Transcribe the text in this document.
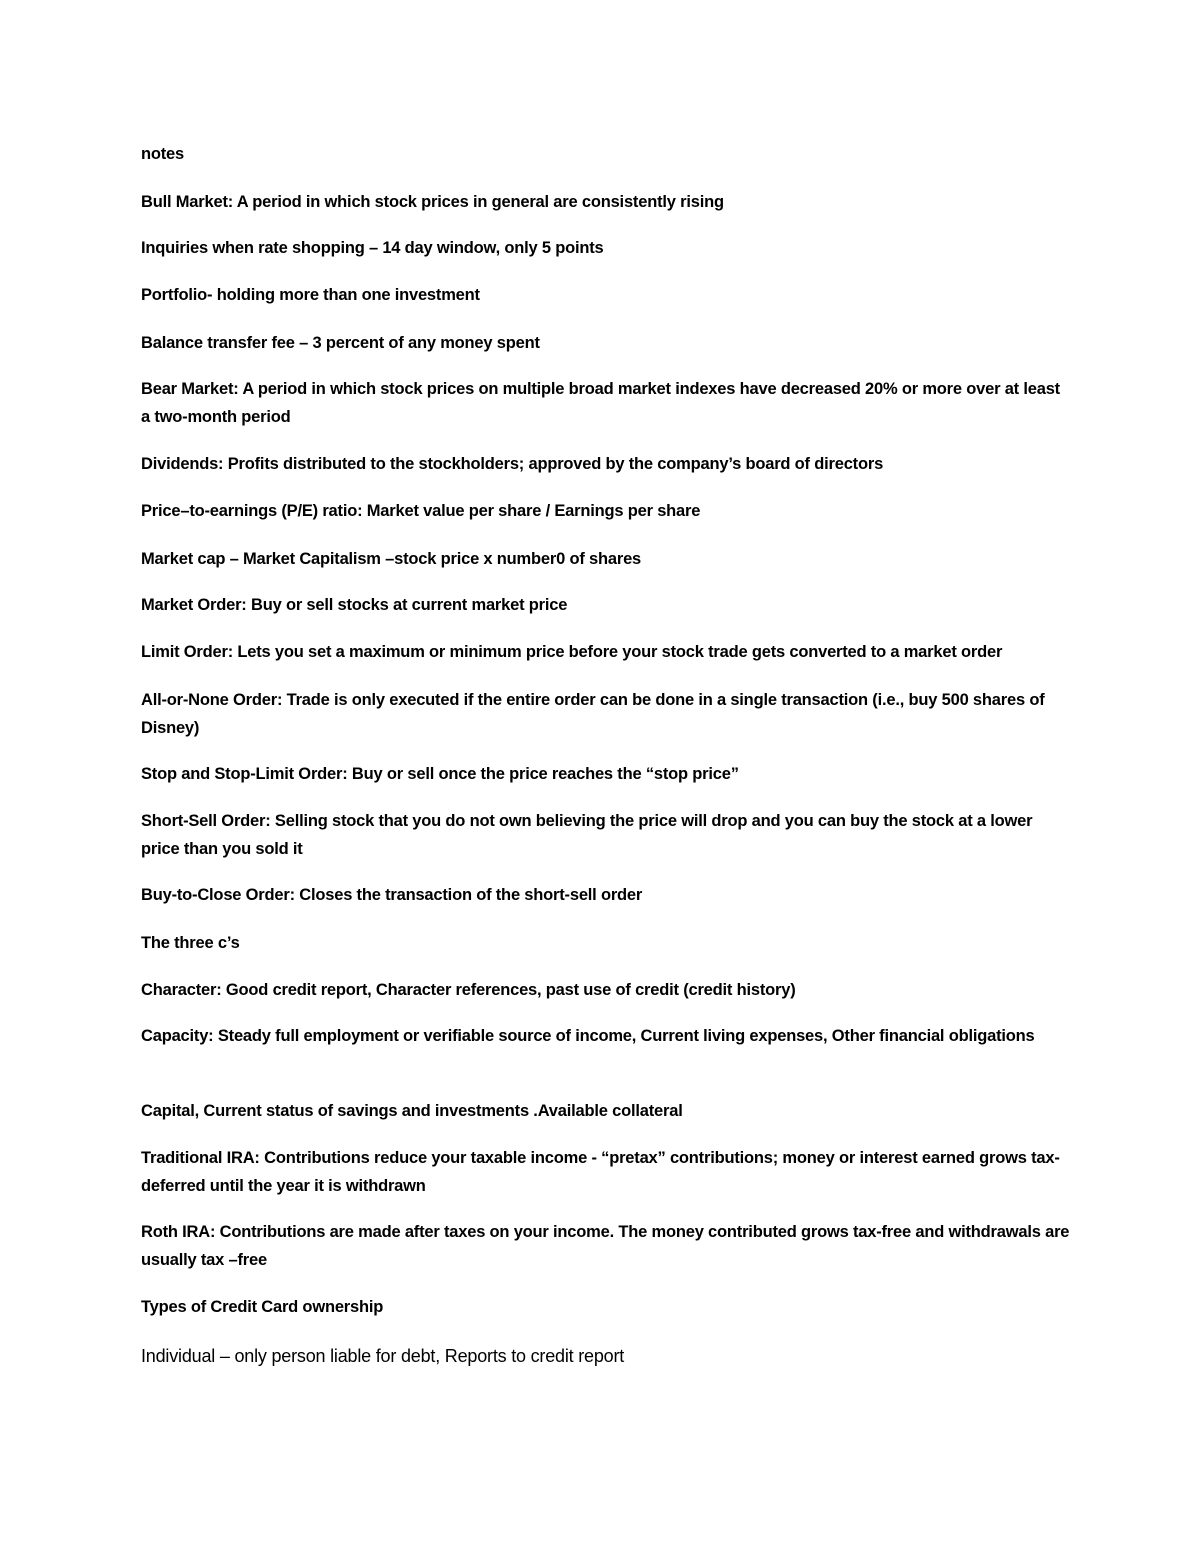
notes
Bull Market: A period in which stock prices in general are consistently rising
Inquiries when rate shopping – 14 day window, only 5 points
Portfolio- holding more than one investment
Balance transfer fee – 3 percent of any money spent
Bear Market: A period in which stock prices on multiple broad market indexes have decreased 20% or more over at least a two-month period
Dividends: Profits distributed to the stockholders; approved by the company’s board of directors
Price–to-earnings (P/E) ratio: Market value per share / Earnings per share
Market cap – Market Capitalism –stock price x number0 of shares
Market Order: Buy or sell stocks at current market price
Limit Order: Lets you set a maximum or minimum price before your stock trade gets converted to a market order
All-or-None Order: Trade is only executed if the entire order can be done in a single transaction (i.e., buy 500 shares of Disney)
Stop and Stop-Limit Order: Buy or sell once the price reaches the “stop price”
Short-Sell Order: Selling stock that you do not own believing the price will drop and you can buy the stock at a lower price than you sold it
Buy-to-Close Order: Closes the transaction of the short-sell order
The three c’s
Character: Good credit report, Character references, past use of credit (credit history)
Capacity: Steady full employment or verifiable source of income, Current living expenses, Other financial obligations
Capital, Current status of savings and investments .Available collateral
Traditional IRA: Contributions reduce your taxable income - “pretax” contributions; money or interest earned grows tax-deferred until the year it is withdrawn
Roth IRA: Contributions are made after taxes on your income. The money contributed grows tax-free and withdrawals are usually tax –free
Types of Credit Card ownership
Individual – only person liable for debt, Reports to credit report
